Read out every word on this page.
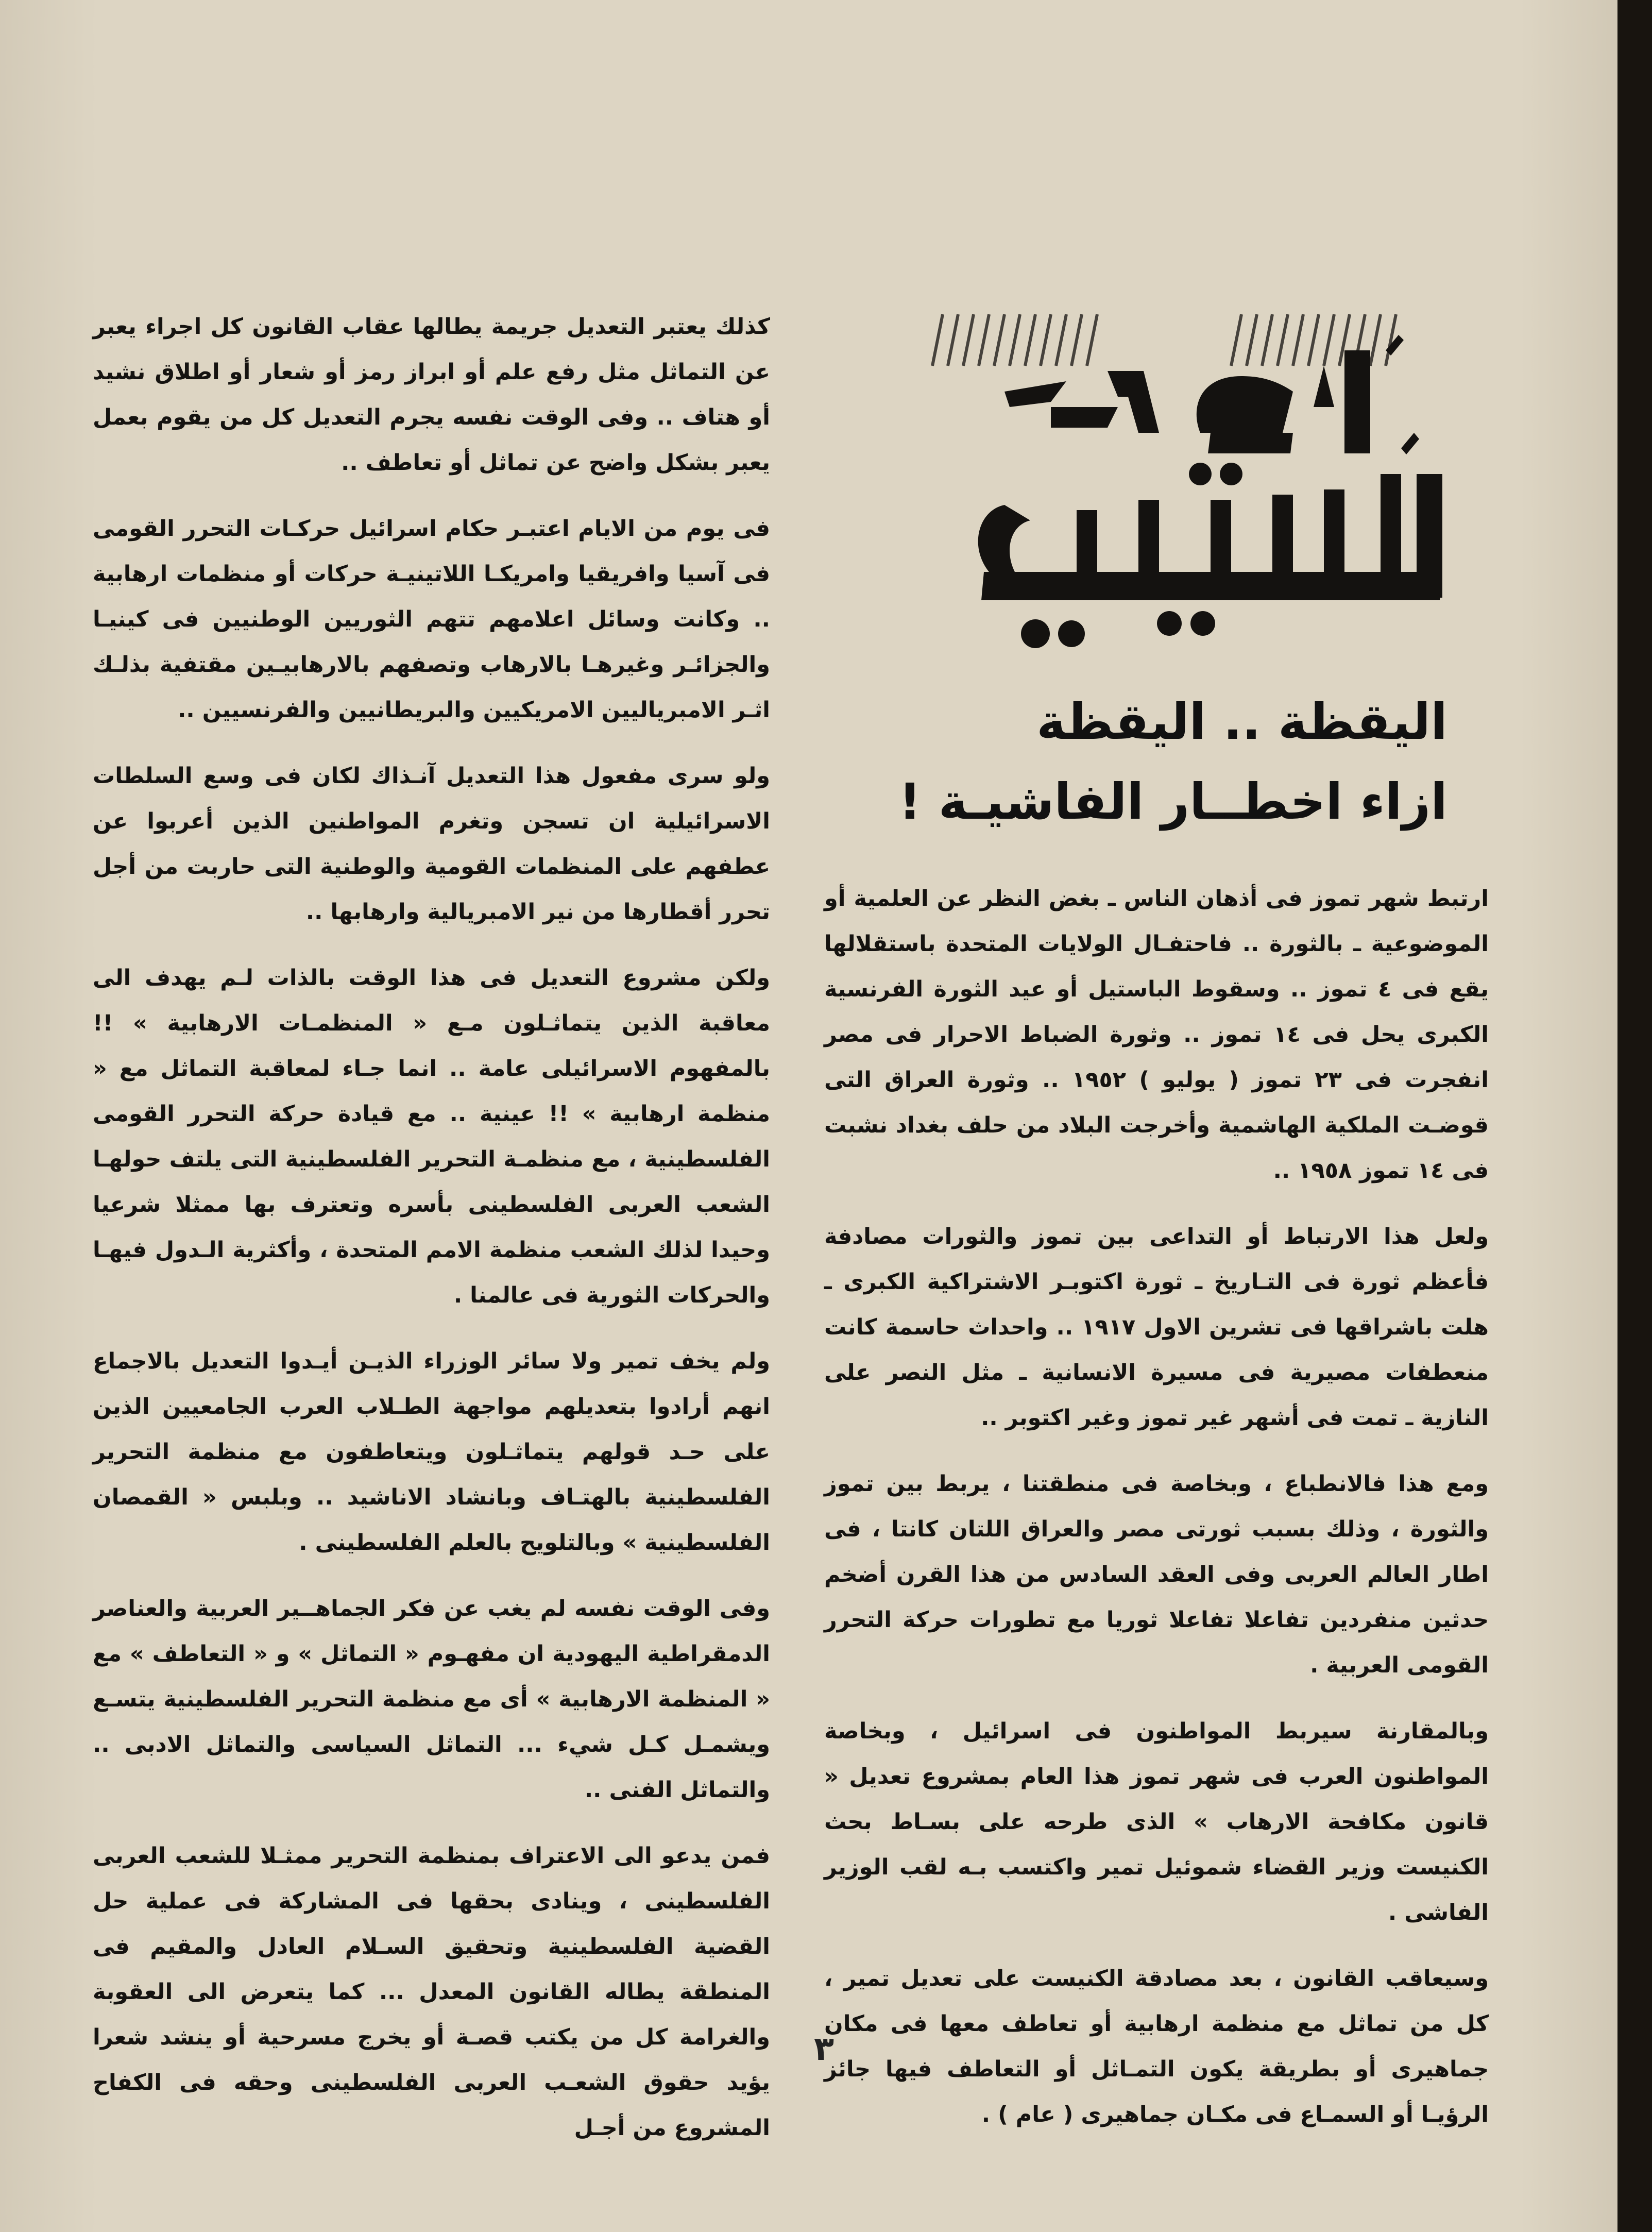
اليقظة .. اليقظة
ازاء اخطــار الفاشيـة !

ارتبط شهر تموز فى أذهان الناس ـ بغض النظر عن العلمية أو الموضوعية ـ بالثورة .. فاحتفـال الولايات المتحدة باستقلالها يقع فى ٤ تموز .. وسقوط الباستيل أو عيد الثورة الفرنسية الكبرى يحل فى ١٤ تموز .. وثورة الضباط الاحرار فى مصر انفجرت فى ٢٣ تموز ( يوليو ) ١٩٥٢ .. وثورة العراق التى قوضـت الملكية الهاشمية وأخرجت البلاد من حلف بغداد نشبت فى ١٤ تموز ١٩٥٨ ..

ولعل هذا الارتباط أو التداعى بين تموز والثورات مصادفة فأعظم ثورة فى التـاريخ ـ ثورة اكتوبـر الاشتراكية الكبرى ـ هلت باشراقها فى تشرين الاول ١٩١٧ .. واحداث حاسمة كانت منعطفات مصيرية فى مسيرة الانسانية ـ مثل النصر على النازية ـ تمت فى أشهر غير تموز وغير اكتوبر ..

ومع هذا فالانطباع ، وبخاصة فى منطقتنا ، يربط بين تموز والثورة ، وذلك بسبب ثورتى مصر والعراق اللتان كانتا ، فى اطار العالم العربى وفى العقد السادس من هذا القرن أضخم حدثين منفردين تفاعلا تفاعلا ثوريا مع تطورات حركة التحرر القومى العربية .

وبالمقارنة سيربط المواطنون فى اسرائيل ، وبخاصة المواطنون العرب فى شهر تموز هذا العام بمشروع تعديل « قانون مكافحة الارهاب » الذى طرحه على بسـاط بحث الكنيست وزير القضاء شموئيل تمير واكتسب بـه لقب الوزير الفاشى .

وسيعاقب القانون ، بعد مصادقة الكنيست على تعديل تمير ، كل من تماثل مع منظمة ارهابية أو تعاطف معها فى مكان جماهيرى أو بطريقة يكون التمـاثل أو التعاطف فيها جائز الرؤيـا أو السمـاع فى مكـان جماهيرى ( عام ) .

كذلك يعتبر التعديل جريمة يطالها عقاب القانون كل اجراء يعبر عن التماثل مثل رفع علم أو ابراز رمز أو شعار أو اطلاق نشيد أو هتاف .. وفى الوقت نفسه يجرم التعديل كل من يقوم بعمل يعبر بشكل واضح عن تماثل أو تعاطف ..

فى يوم من الايام اعتبـر حكام اسرائيل حركـات التحرر القومى فى آسيا وافريقيا وامريكـا اللاتينيـة حركات أو منظمات ارهابية .. وكانت وسائل اعلامهم تتهم الثوريين الوطنيين فى كينيـا والجزائـر وغيرهـا بالارهاب وتصفهم بالارهابيـين مقتفية بذلـك اثـر الامبرياليين الامريكيين والبريطانيين والفرنسيين ..

ولو سرى مفعول هذا التعديل آنـذاك لكان فى وسع السلطات الاسرائيلية ان تسجن وتغرم المواطنين الذين أعربوا عن عطفهم على المنظمات القومية والوطنية التى حاربت من أجل تحرر أقطارها من نير الامبريالية وارهابها ..

ولكن مشروع التعديل فى هذا الوقت بالذات لـم يهدف الى معاقبة الذين يتماثـلون مـع « المنظمـات الارهابية » !! بالمفهوم الاسرائيلى عامة .. انما جـاء لمعاقبة التماثل مع « منظمة ارهابية » !! عينية .. مع قيادة حركة التحرر القومى الفلسطينية ، مع منظمـة التحرير الفلسطينية التى يلتف حولهـا الشعب العربى الفلسطينى بأسره وتعترف بها ممثلا شرعيا وحيدا لذلك الشعب منظمة الامم المتحدة ، وأكثرية الـدول فيهـا والحركات الثورية فى عالمنا .

ولم يخف تمير ولا سائر الوزراء الذيـن أيـدوا التعديل بالاجماع انهم أرادوا بتعديلهم مواجهة الطـلاب العرب الجامعيين الذين على حـد قولهم يتماثـلون ويتعاطفون مع منظمة التحرير الفلسطينية بالهتـاف وبانشاد الاناشيد .. وبلبس « القمصان الفلسطينية » وبالتلويح بالعلم الفلسطينى .

وفى الوقت نفسه لم يغب عن فكر الجماهــير العربية والعناصر الدمقراطية اليهودية ان مفهـوم « التماثل » و « التعاطف » مع « المنظمة الارهابية » أى مع منظمة التحرير الفلسطينية يتسـع ويشمـل كـل شيء ... التماثل السياسى والتماثل الادبى .. والتماثل الفنى ..

فمن يدعو الى الاعتراف بمنظمة التحرير ممثـلا للشعب العربى الفلسطينى ، وينادى بحقها فى المشاركة فى عملية حل القضية الفلسطينية وتحقيق السـلام العادل والمقيم فى المنطقة يطاله القانون المعدل ... كما يتعرض الى العقوبة والغرامة كل من يكتب قصـة أو يخرج مسرحية أو ينشد شعرا يؤيد حقوق الشعـب العربى الفلسطينى وحقه فى الكفاح المشروع من أجـل

٣
